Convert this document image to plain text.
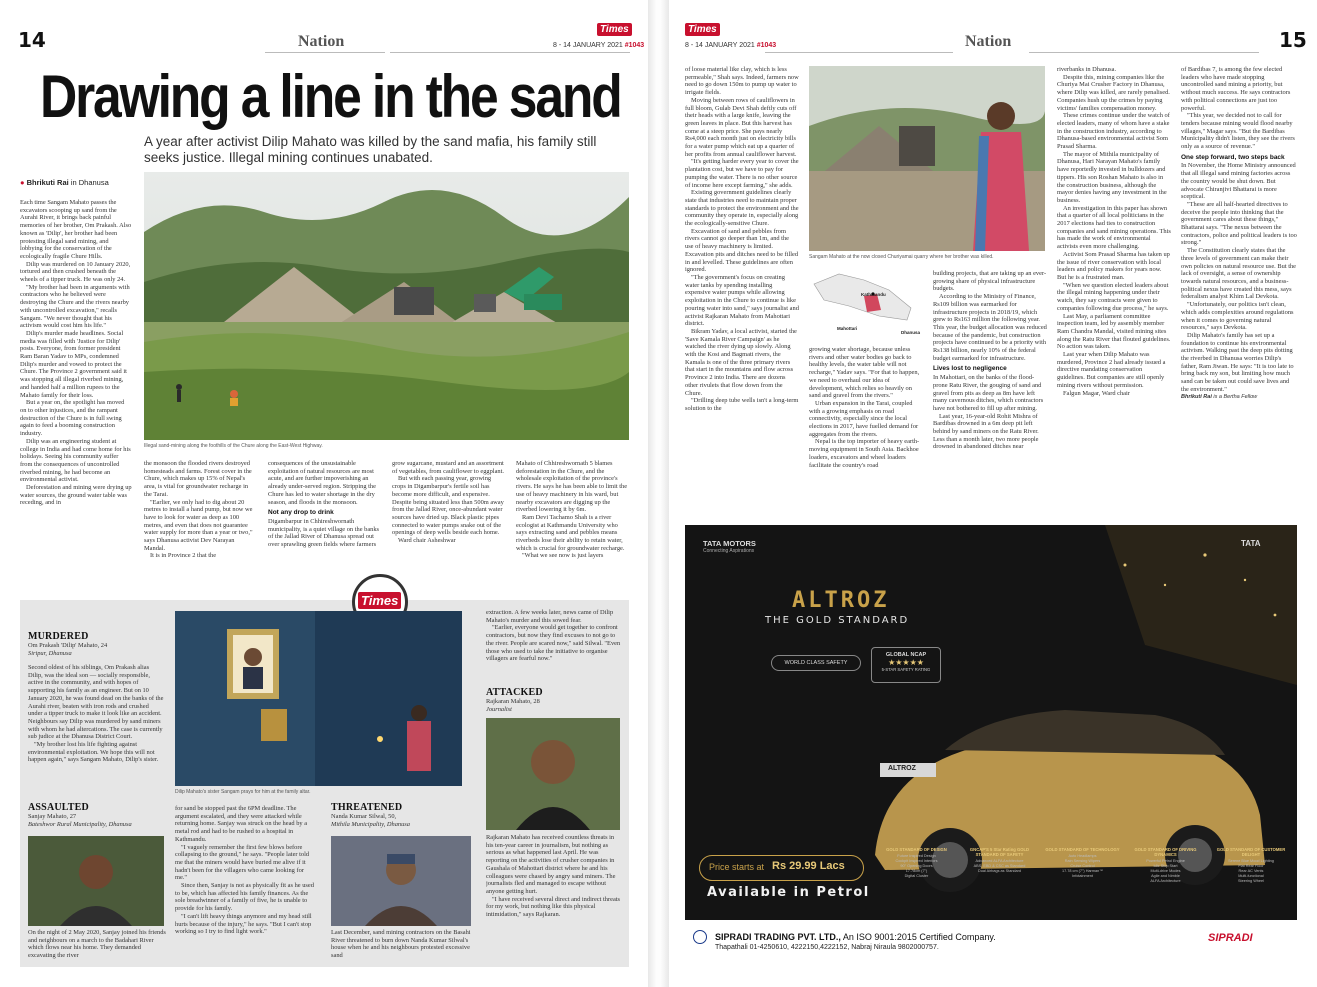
14	Nation
Times
8 - 14 JANUARY 2021 #1043
Drawing a line in the sand
A year after activist Dilip Mahato was killed by the sand mafia, his family still seeks justice. Illegal mining continues unabated.
● Bhrikuti Rai in Dhanusa
Illegal sand-mining along the foothills of the Chure along the East-West Highway.

Each time Sangam Mahato passes the excavators scooping up sand from the Aurahi River, it brings back painful memories of her brother, Om Prakash. Also known as 'Dilip', her brother had been protesting illegal sand mining, and lobbying for the conservation of the ecologically fragile Chure Hills.

Dilip was murdered on 10 January 2020, tortured and then crushed beneath the wheels of a tipper truck. He was only 24.

"My brother had been in arguments with contractors who he believed were destroying the Chure and the rivers nearby with uncontrolled excavation," recalls Sangam. "We never thought that his activism would cost him his life."

Dilip's murder made headlines. Social media was filled with 'Justice for Dilip' posts. Everyone, from former president Ram Baran Yadav to MPs, condemned Dilip's murder and vowed to protect the Chure. The Province 2 government said it was stopping all illegal riverbed mining, and handed half a million rupees to the Mahato family for their loss.

But a year on, the spotlight has moved on to other injustices, and the rampant destruction of the Chure is in full swing again to feed a booming construction industry.

Dilip was an engineering student at college in India and had come home for his holidays. Seeing his community suffer from the consequences of uncontrolled riverbed mining, he had become an environmental activist.

Deforestation and mining were drying up water sources, the ground water table was receding, and in

the monsoon the flooded rivers destroyed homesteads and farms. Forest cover in the Chure, which makes up 15% of Nepal's area, is vital for groundwater recharge in the Tarai.

"Earlier, we only had to dig about 20 metres to install a hand pump, but now we have to look for water as deep as 100 metres, and even that does not guarantee water supply for more than a year or two," says Dhanusa activist Dev Narayan Mandal.

It is in Province 2 that the

consequences of the unsustainable exploitation of natural resources are most acute, and are further impoverishing an already under-served region. Stripping the Chure has led to water shortage in the dry season, and floods in the monsoon.

Not any drop to drink

Digambarpur in Chhireshwornath municipality, is a quiet village on the banks of the Jallad River of Dhanusa spread out over sprawling green fields where farmers

grow sugarcane, mustard and an assortment of vegetables, from cauliflower to eggplant.

But with each passing year, growing crops in Digambarpur's fertile soil has become more difficult, and expensive. Despite being situated less than 500m away from the Jallad River, once-abundant water sources have dried up. Black plastic pipes connected to water pumps snake out of the openings of deep wells beside each home.

Ward chair Asheshwar

Mahato of Chhireshwornath 5 blames deforestation in the Chure, and the wholesale exploitation of the province's rivers. He says he has been able to limit the use of heavy machinery in his ward, but nearby excavators are digging up the riverbed lowering it by 6m.

Ram Devi Tachamo Shah is a river ecologist at Kathmandu University who says extracting sand and pebbles means riverbeds lose their ability to retain water, which is crucial for groundwater recharge.

"What we see now is just layers

Times
MURDERED
Om Prakash 'Dilip' Mahato, 24
Siripur, Dhanusa

Second oldest of his siblings, Om Prakash alias Dilip, was the ideal son — socially responsible, active in the community, and with hopes of supporting his family as an engineer. But on 10 January 2020, he was found dead on the banks of the Aurahi river, beaten with iron rods and crushed under a tipper truck to make it look like an accident. Neighbours say Dilip was murdered by sand miners with whom he had altercations. The case is currently sub judice at the Dhanusa District Court.

"My brother lost his life fighting against environmental exploitation. We hope this will not happen again," says Sangam Mahato, Dilip's sister.

Dilip Mahato's sister Sangam prays for him at the family altar.

extraction. A few weeks later, news came of Dilip Mahato's murder and this sowed fear.

"Earlier, everyone would get together to confront contractors, but now they find excuses to not go to the river. People are scared now," said Silwal. "Even those who used to take the initiative to organise villagers are fearful now."

ATTACKED
Rajkaran Mahato, 28
Journalist

Rajkaran Mahato has received countless threats in his ten-year career in journalism, but nothing as serious as what happened last April. He was reporting on the activities of crusher companies in Gaushala of Mahottari district where he and his colleagues were chased by angry sand miners. The journalists fled and managed to escape without anyone getting hurt.

"I have received several direct and indirect threats for my work, but nothing like this physical intimidation," says Rajkaran.

ASSAULTED
Sanjay Mahato, 27
Bateshwor Rural Municipality, Dhanusa

On the night of 2 May 2020, Sanjay joined his friends and neighbours on a march to the Badahari River which flows near his home. They demanded excavating the river

for sand be stopped past the 6PM deadline. The argument escalated, and they were attacked while returning home. Sanjay was struck on the head by a metal rod and had to be rushed to a hospital in Kathmandu.

"I vaguely remember the first few blows before collapsing to the ground," he says. "People later told me that the miners would have buried me alive if it hadn't been for the villagers who came looking for me."

Since then, Sanjay is not as physically fit as he used to be, which has affected his family finances. As the sole breadwinner of a family of five, he is unable to provide for his family.

"I can't lift heavy things anymore and my head still hurts because of the injury," he says. "But I can't stop working so I try to find light work."

THREATENED
Nanda Kumar Silwal, 50,
Mithila Municipality, Dhanusa

Last December, sand mining contractors on the Basahi River threatened to burn down Nanda Kumar Silwal's house when he and his neighbours protested excessive sand

Times
8 - 14 JANUARY 2021 #1043	Nation	15

of loose material like clay, which is less permeable," Shah says. Indeed, farmers now need to go down 150m to pump up water to irrigate fields.

Moving between rows of cauliflowers in full bloom, Gulab Devi Shah deftly cuts off their heads with a large knife, leaving the green leaves in place. But this harvest has come at a steep price. She pays nearly Rs4,000 each month just on electricity bills for a water pump which eat up a quarter of her profits from annual cauliflower harvest.

"It's getting harder every year to cover the plantation cost, but we have to pay for pumping the water. There is no other source of income here except farming," she adds.

Existing government guidelines clearly state that industries need to maintain proper standards to protect the environment and the community they operate in, especially along the ecologically-sensitive Chure.

Excavation of sand and pebbles from rivers cannot go deeper than 1m, and the use of heavy machinery is limited. Excavation pits and ditches need to be filled in and levelled. These guidelines are often ignored.

"The government's focus on creating water tanks by spending installing expensive water pumps while allowing exploitation in the Chure to continue is like pouring water into sand," says journalist and activist Rajkaran Mahato from Mahottari district.

Bikram Yadav, a local activist, started the 'Save Kamala River Campaign' as he watched the river dying up slowly. Along with the Kosi and Bagmati rivers, the Kamala is one of the three primary rivers that start in the mountains and flow across Province 2 into India. There are dozens other rivulets that flow down from the Chure.

"Drilling deep tube wells isn't a long-term solution to the

Sangam Mahato at the now closed Churiyamai quarry where her brother was killed.
Kathmandu
Mahottari
Dhanusa

growing water shortage, because unless rivers and other water bodies go back to healthy levels, the water table will not recharge," Yadav says. "For that to happen, we need to overhaul our idea of development, which relies so heavily on sand and gravel from the rivers."

Urban expansion in the Tarai, coupled with a growing emphasis on road connectivity, especially since the local elections in 2017, have fuelled demand for aggregates from the rivers.

Nepal is the top importer of heavy earth-moving equipment in South Asia. Backhoe loaders, excavators and wheel loaders facilitate the country's road

building projects, that are taking up an ever-growing share of physical infrastructure budgets.

According to the Ministry of Finance, Rs109 billion was earmarked for infrastructure projects in 2018/19, which grew to Rs163 million the following year. This year, the budget allocation was reduced because of the pandemic, but construction projects have continued to be a priority with Rs138 billion, nearly 10% of the federal budget earmarked for infrastructure.

Lives lost to negligence

In Mahottari, on the banks of the flood-prone Ratu River, the gouging of sand and gravel from pits as deep as 8m have left many cavernous ditches, which contractors have not bothered to fill up after mining.

Last year, 16-year-old Rohit Mishra of Bardibas drowned in a 6m deep pit left behind by sand miners on the Ratu River. Less than a month later, two more people drowned in abandoned ditches near

riverbanks in Dhanusa.

Despite this, mining companies like the Churiya Mai Crusher Factory in Dhanusa, where Dilip was killed, are rarely penalised. Companies hush up the crimes by paying victims' families compensation money.

These crimes continue under the watch of elected leaders, many of whom have a stake in the construction industry, according to Dhanusa-based environmental activist Som Prasad Sharma.

The mayor of Mithila municipality of Dhanusa, Hari Narayan Mahato's family have reportedly invested in bulldozers and tippers. His son Roshan Mahato is also in the construction business, although the mayor denies having any investment in the business.

An investigation in this paper has shown that a quarter of all local politicians in the 2017 elections had ties to construction companies and sand mining operations. This has made the work of environmental activists even more challenging.

Activist Som Prasad Sharma has taken up the issue of river conservation with local leaders and policy makers for years now. But he is a frustrated man.

"When we question elected leaders about the illegal mining happening under their watch, they say contracts were given to companies following due process," he says.

Last May, a parliament committee inspection team, led by assembly member Ram Chandra Mandal, visited mining sites along the Ratu River that flouted guidelines. No action was taken.

Last year when Dilip Mahato was murdered, Province 2 had already issued a directive mandating conservation guidelines. But companies are still openly mining rivers without permission.

Falgun Magar, Ward chair

of Bardibas 7, is among the few elected leaders who have made stopping uncontrolled sand mining a priority, but without much success. He says contractors with political connections are just too powerful.

"This year, we decided not to call for tenders because mining would flood nearby villages," Magar says. "But the Bardibas Municipality didn't listen, they see the rivers only as a source of revenue."

One step forward, two steps back

In November, the Home Ministry announced that all illegal sand mining factories across the country would be shut down. But advocate Chiranjivi Bhattarai is more sceptical.

"These are all half-hearted directives to deceive the people into thinking that the government cares about these things," Bhattarai says. "The nexus between the contractors, police and political leaders is too strong."

The Constitution clearly states that the three levels of government can make their own policies on natural resource use. But the lack of oversight, a sense of ownership towards natural resources, and a business-political nexus have created this mess, says federalism analyst Khim Lal Devkota.

"Unfortunately, our politics isn't clean, which adds complexities around regulations when it comes to governing natural resources," says Devkota.

Dilip Mahato's family has set up a foundation to continue his environmental activism. Walking past the deep pits dotting the riverbed in Dhanusa worries Dilip's father, Ram Jiwan. He says: "It is too late to bring back my son, but limiting how much sand can be taken out could save lives and the environment."

Bhrikuti Rai is a Bertha Fellow

TATA MOTORS
Connecting Aspirations
TATA
ALTROZ
THE GOLD STANDARD
WORLD CLASS SAFETY
GLOBAL NCAP
★★★★★
5-STAR SAFETY RATING
ALTROZ
Price starts at Rs 29.99 Lacs
Available in Petrol
GOLD STANDARD OF DESIGN
Future Inspired Design
Cockpit Inspired Interiors
90° Opening Doors
17.78cm (7")
Digital Cluster
GNCAP'S 5 Star Rating GOLD STANDARD OF SAFETY
Advanced ALFA Architecture
ABS, EBD & CSC as Standard
Dual Airbags as Standard
GOLD STANDARD OF TECHNOLOGY
Auto Headlamps
Rain Sensing Wipers
Cruise Control
17.78 cm (7") Harman™
Infotainment
GOLD STANDARD OF DRIVING DYNAMICS
Powerful Petrol Engine
Idle Stop Start
Multi-drive Modes
Agile and Nimble
ALFA Architecture
GOLD STANDARD OF CUSTOMER DELIGHT
Serene Blue Mood Lighting
Flat Rear Floor
Rear AC Vents
Multi-functional
Steering Wheel
SIPRADI TRADING PVT. LTD., An ISO 9001:2015 Certified Company.
Thapathali 01-4250610, 4222150,4222152, Nabraj Niraula 9802000757.
SIPRADI
